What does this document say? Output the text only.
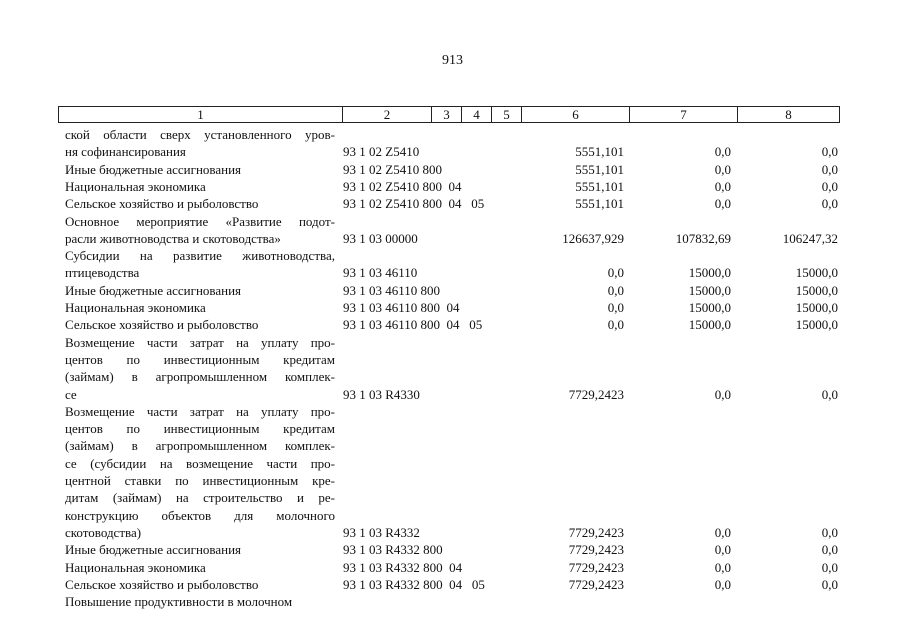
913
1	2	3	4	5	6	7	8
ской области сверх установленного уров-
ня софинансирования	93 1 02 Z5410	5551,101	0,0	0,0
Иные бюджетные ассигнования	93 1 02 Z5410 800	5551,101	0,0	0,0
Национальная экономика	93 1 02 Z5410 800  04	5551,101	0,0	0,0
Сельское хозяйство и рыболовство	93 1 02 Z5410 800  04   05	5551,101	0,0	0,0
Основное мероприятие «Развитие подот-
расли животноводства и скотоводства»	93 1 03 00000	126637,929	107832,69	106247,32
Субсидии на развитие животноводства,
птицеводства	93 1 03 46110	0,0	15000,0	15000,0
Иные бюджетные ассигнования	93 1 03 46110 800	0,0	15000,0	15000,0
Национальная экономика	93 1 03 46110 800  04	0,0	15000,0	15000,0
Сельское хозяйство и рыболовство	93 1 03 46110 800  04   05	0,0	15000,0	15000,0
Возмещение части затрат на уплату про-
центов по инвестиционным кредитам
(займам) в агропромышленном комплек-
се	93 1 03 R4330	7729,2423	0,0	0,0
Возмещение части затрат на уплату про-
центов по инвестиционным кредитам
(займам) в агропромышленном комплек-
се (субсидии на возмещение части про-
центной ставки по инвестиционным кре-
дитам (займам) на строительство и ре-
конструкцию объектов для молочного
скотоводства)	93 1 03 R4332	7729,2423	0,0	0,0
Иные бюджетные ассигнования	93 1 03 R4332 800	7729,2423	0,0	0,0
Национальная экономика	93 1 03 R4332 800  04	7729,2423	0,0	0,0
Сельское хозяйство и рыболовство	93 1 03 R4332 800  04   05	7729,2423	0,0	0,0
Повышение продуктивности в молочном
